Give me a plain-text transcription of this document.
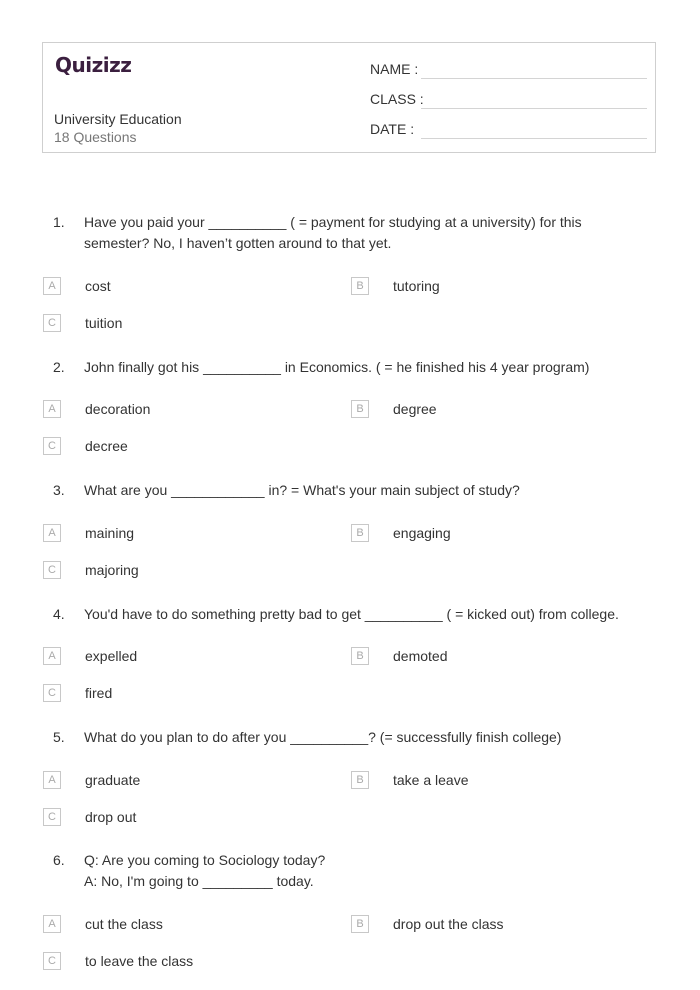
Quizizz
University Education
18 Questions
NAME :
CLASS :
DATE :
1. Have you paid your __________ ( = payment for studying at a university) for this
semester? No, I haven’t gotten around to that yet.
A	cost	B	tutoring
C	tuition
2. John finally got his __________ in Economics. ( = he finished his 4 year program)
A	decoration	B	degree
C	decree
3. What are you ____________ in? = What's your main subject of study?
A	maining	B	engaging
C	majoring
4. You'd have to do something pretty bad to get __________ ( = kicked out) from college.
A	expelled	B	demoted
C	fired
5. What do you plan to do after you __________? (= successfully finish college)
A	graduate	B	take a leave
C	drop out
6. Q: Are you coming to Sociology today?
A: No, I'm going to _________ today.
A	cut the class	B	drop out the class
C	to leave the class
